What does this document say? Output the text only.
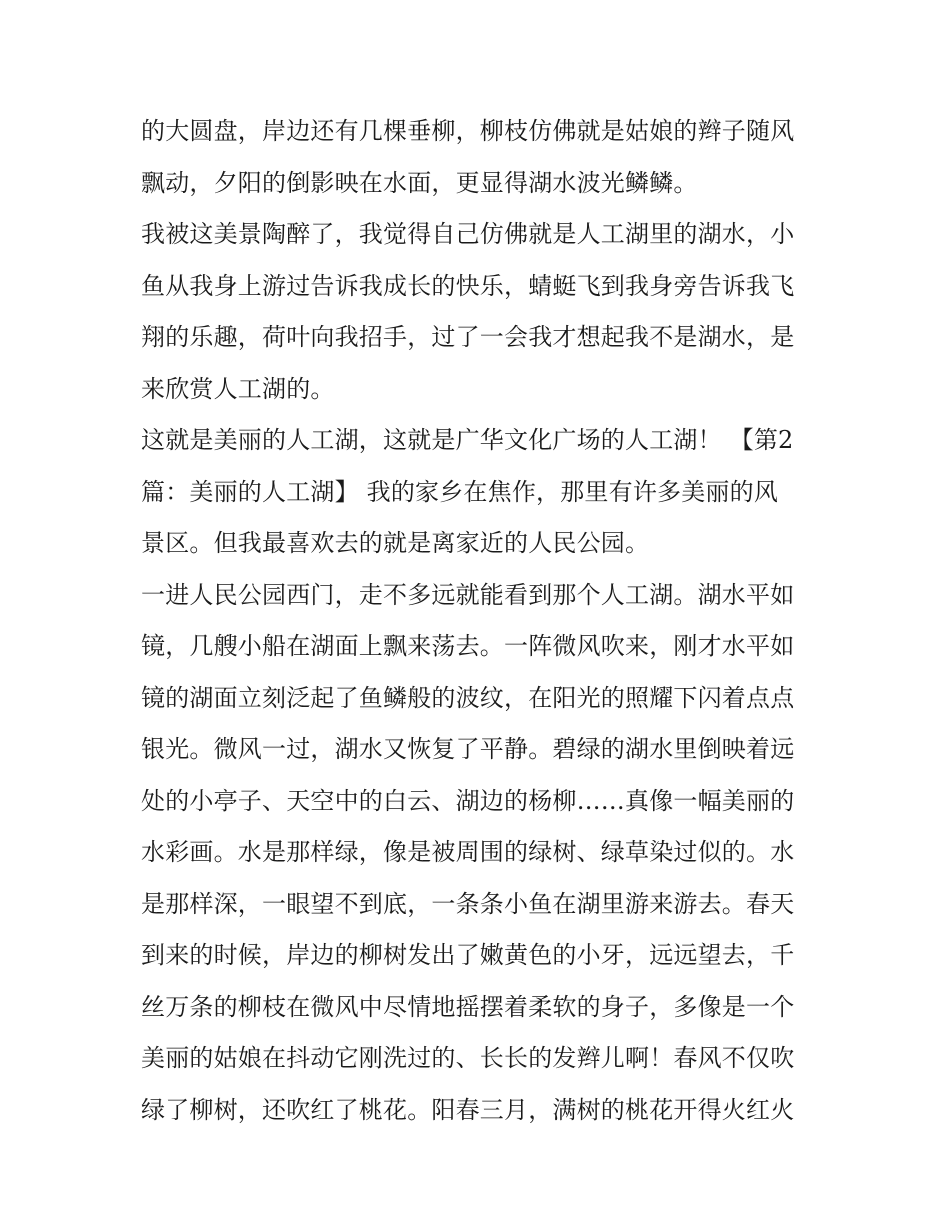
的大圆盘，岸边还有几棵垂柳，柳枝仿佛就是姑娘的辫子随风
飘动，夕阳的倒影映在水面，更显得湖水波光鳞鳞。

我被这美景陶醉了，我觉得自己仿佛就是人工湖里的湖水，小
鱼从我身上游过告诉我成长的快乐，蜻蜓飞到我身旁告诉我飞
翔的乐趣，荷叶向我招手，过了一会我才想起我不是湖水，是
来欣赏人工湖的。

这就是美丽的人工湖，这就是广华文化广场的人工湖！ 【第2
篇：美丽的人工湖】 我的家乡在焦作，那里有许多美丽的风
景区。但我最喜欢去的就是离家近的人民公园。

一进人民公园西门，走不多远就能看到那个人工湖。湖水平如
镜，几艘小船在湖面上飘来荡去。一阵微风吹来，刚才水平如
镜的湖面立刻泛起了鱼鳞般的波纹，在阳光的照耀下闪着点点
银光。微风一过，湖水又恢复了平静。碧绿的湖水里倒映着远
处的小亭子、天空中的白云、湖边的杨柳……真像一幅美丽的
水彩画。水是那样绿，像是被周围的绿树、绿草染过似的。水
是那样深，一眼望不到底，一条条小鱼在湖里游来游去。春天
到来的时候，岸边的柳树发出了嫩黄色的小牙，远远望去，千
丝万条的柳枝在微风中尽情地摇摆着柔软的身子，多像是一个
美丽的姑娘在抖动它刚洗过的、长长的发辫儿啊！春风不仅吹
绿了柳树，还吹红了桃花。阳春三月，满树的桃花开得火红火
